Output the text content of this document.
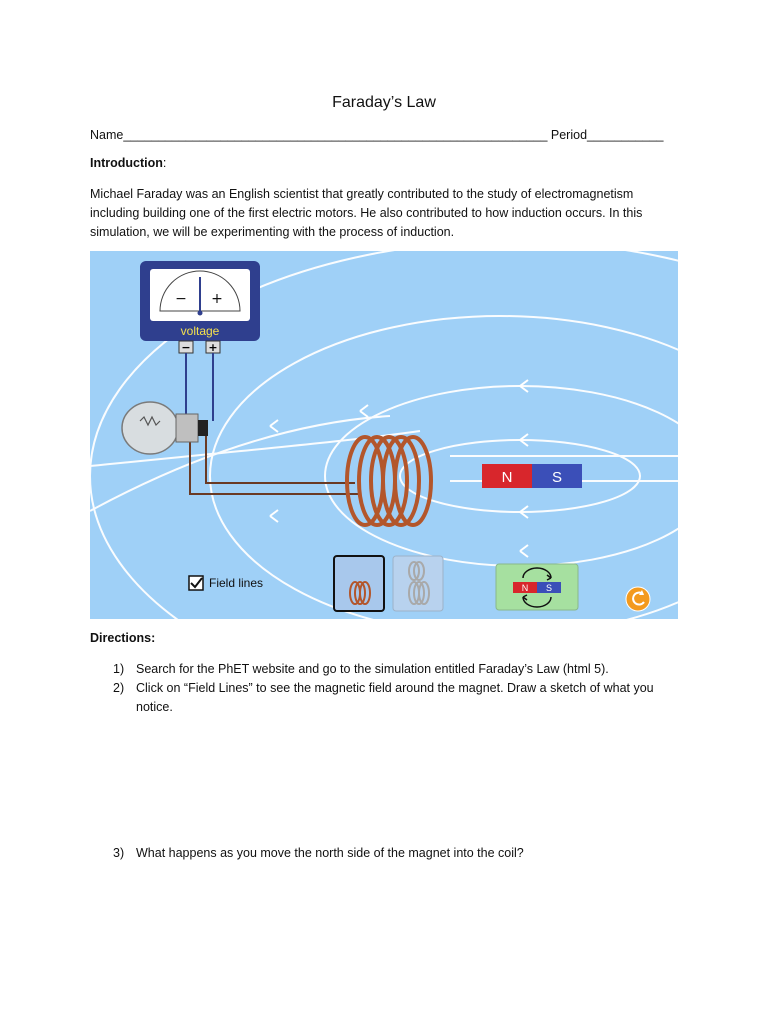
Faraday’s Law
Name_____________________________________________________________ Period___________
Introduction:
Michael Faraday was an English scientist that greatly contributed to the study of electromagnetism including building one of the first electric motors. He also contributed to how induction occurs. In this simulation, we will be experimenting with the process of induction.
− +
voltage
− +
N	S
Field lines	N S
Directions:
1) Search for the PhET website and go to the simulation entitled Faraday’s Law (html 5).
2) Click on “Field Lines” to see the magnetic field around the magnet. Draw a sketch of what you notice.
3) What happens as you move the north side of the magnet into the coil?
